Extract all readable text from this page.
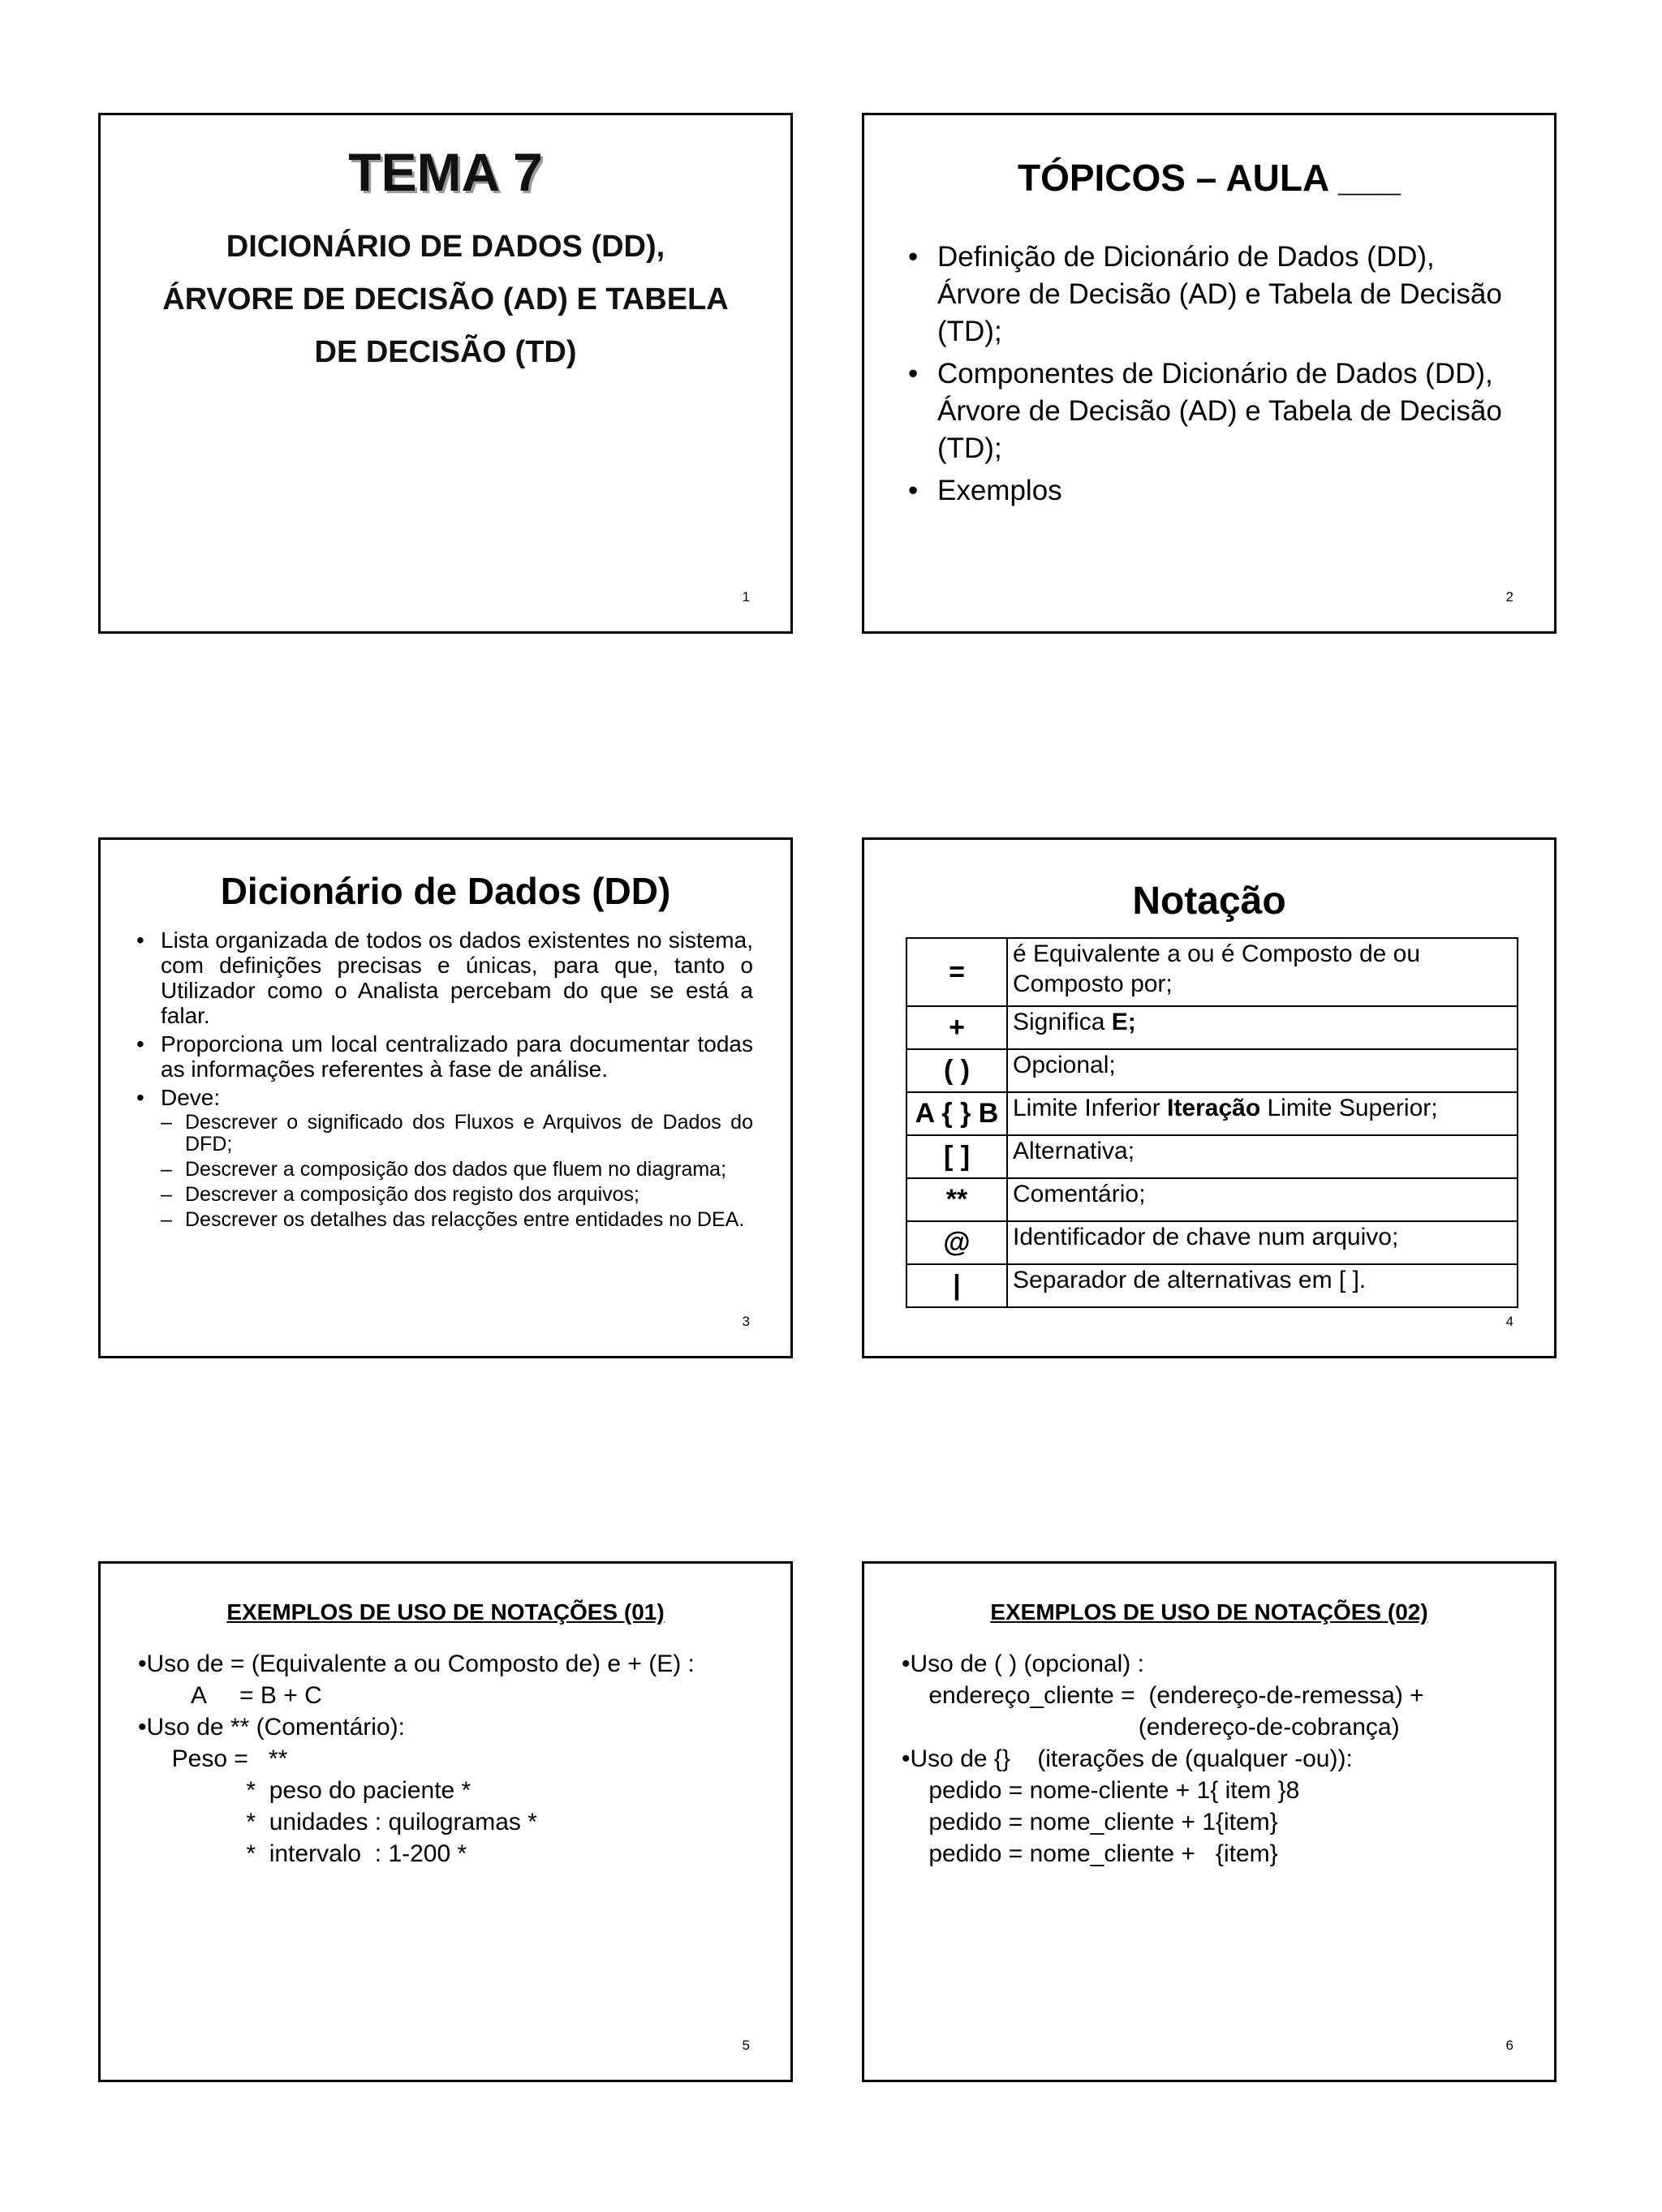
TEMA 7
DICIONÁRIO DE DADOS (DD),
ÁRVORE DE DECISÃO (AD) E TABELA
DE DECISÃO (TD)
1
TÓPICOS – AULA ___
• Definição de Dicionário de Dados (DD), Árvore de Decisão (AD) e Tabela de Decisão (TD);
• Componentes de Dicionário de Dados (DD), Árvore de Decisão (AD) e Tabela de Decisão (TD);
• Exemplos
2
Dicionário de Dados (DD)
• Lista organizada de todos os dados existentes no sistema, com definições precisas e únicas, para que, tanto o Utilizador como o Analista percebam do que se está a falar.
• Proporciona um local centralizado para documentar todas as informações referentes à fase de análise.
• Deve:
– Descrever o significado dos Fluxos e Arquivos de Dados do DFD;
– Descrever a composição dos dados que fluem no diagrama;
– Descrever a composição dos registo dos arquivos;
– Descrever os detalhes das relacções entre entidades no DEA.
3
Notação
=	é Equivalente a ou é Composto de ou Composto por;
+	Significa E;
( )	Opcional;
A { } B	Limite Inferior Iteração Limite Superior;
[ ]	Alternativa;
**	Comentário;
@	Identificador de chave num arquivo;
|	Separador de alternativas em [ ].
4
EXEMPLOS DE USO DE NOTAÇÕES (01)

•Uso de = (Equivalente a ou Composto de) e + (E) :

A     = B + C

•Uso de ** (Comentário):

Peso =   **

*  peso do paciente *

*  unidades : quilogramas *

*  intervalo  : 1-200 *

5
EXEMPLOS DE USO DE NOTAÇÕES (02)

•Uso de ( ) (opcional) :

endereço_cliente =  (endereço-de-remessa) +

(endereço-de-cobrança)

•Uso de {}    (iterações de (qualquer -ou)):

pedido = nome-cliente + 1{ item }8

pedido = nome_cliente + 1{item}

pedido = nome_cliente +   {item}

6
